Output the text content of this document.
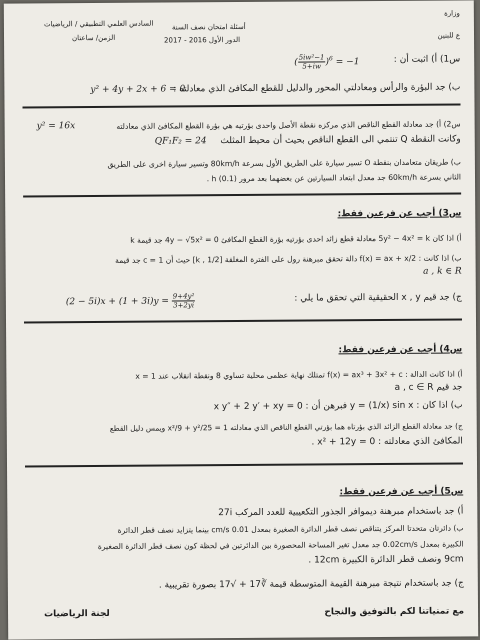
وزارة
ع للبنين
أسئلة امتحان نصف السنة
الدور الأول 2016 - 2017
السادس العلمي التطبيقي / الرياضيات
الزمن/ ساعتان
س1) أ) اثبت أن :
( $\frac{\text{5iw²−1}}{5+iw} )^6 = -1$
ب) جد البؤرة والرأس ومعادلتي المحور والدليل للقطع المكافئ الذي معادلته :
y² + 4y + 2x + 6 = 0
س2) أ) جد معادلة القطع الناقص الذي مركزه نقطة الأصل واحدى بؤرتيه هي بؤرة القطع المكافئ الذي معادلته
y² = 16x
وكانت النقطة Q تنتمي الى القطع الناقص بحيث أن محيط المثلث
QF₁F₂ = 24
ب) طريقان متعامدان بنقطة O تسير سيارة على الطريق الأول بسرعة 80km/h وتسير سيارة اخرى على الطريق
الثاني بسرعة 60km/h جد معدل ابتعاد السيارتين عن بعضهما بعد مرور (0.1) h .
س3) أجب عن فرعين فقط:
أ) اذا كان 5y² − 4x² = k معادلة قطع زائد احدى بؤرتيه بؤرة القطع المكافئ 4y − √5x² = 0 جد قيمة k
ب) اذا كانت : f(x) = ax + x/2 دالة تحقق مبرهنة رول على الفترة المغلقة [1/2 , k] حيث أن c = 1 جد قيمة
a , k ∈ R
ج) جد قيم x , y الحقيقية التي تحقق ما يلي :
$(2 - 5i)x + (1 + 3i)y = \frac{\text{9+4y²}}{3+2yi}$
س4) أجب عن فرعين فقط:
أ) اذا كانت الدالة : f(x) = ax³ + 3x² + c تمتلك نهاية عظمى محلية تساوي 8 ونقطة انقلاب عند x = 1
جد قيم a , c ∈ R
ب) اذا كان : y = (1/x) sin x فبرهن أن : x y″ + 2 y′ + xy = 0
ج) جد معادلة القطع الزائد الذي بؤرتاه هما بؤرتي القطع الناقص الذي معادلته x²/9 + y²/25 = 1 ويمس دليل القطع
المكافئ الذي معادلته : x² + 12y = 0 .
س5) أجب عن فرعين فقط:
أ) جد باستخدام مبرهنة ديموافر الجذور التكعيبية للعدد المركب 27i
ب) دائرتان متحدتا المركز يتناقص نصف قطر الدائرة الصغيرة بمعدل 0.01 cm/s بينما يتزايد نصف قطر الدائرة
الكبيرة بمعدل 0.02cm/s جد معدل تغير المساحة المحصورة بين الدائرتين في لحظة كون نصف قطر الدائرة الصغيرة
9cm ونصف قطر الدائرة الكبيرة 12cm .
ج) جد باستخدام نتيجة مبرهنة القيمة المتوسطة قيمة ∛17 + √17 بصورة تقريبية .
مع تمنياتنا لكم بالتوفيق والنجاح
لجنة الرياضيات
